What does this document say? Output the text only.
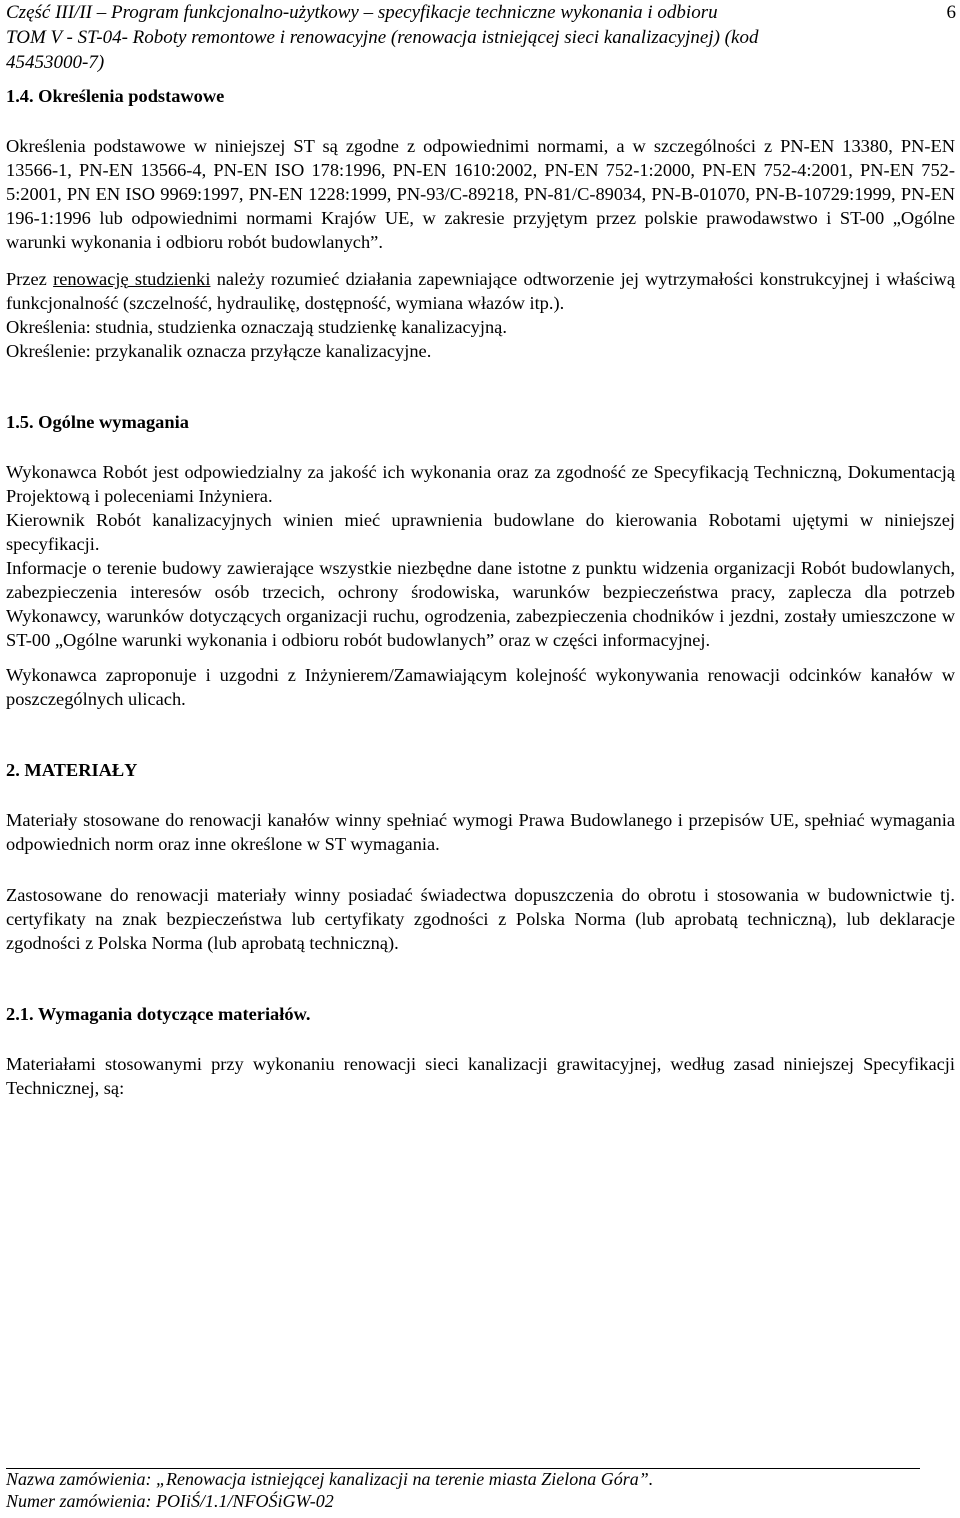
Część III/II – Program funkcjonalno-użytkowy – specyfikacje techniczne wykonania i odbioru	6
TOM V - ST-04- Roboty remontowe i renowacyjne (renowacja istniejącej sieci kanalizacyjnej) (kod
45453000-7)
1.4. Określenia podstawowe

Określenia podstawowe w niniejszej ST są zgodne z odpowiednimi normami, a w szczególności z PN-EN 13380, PN-EN 13566-1, PN-EN 13566-4, PN-EN ISO 178:1996, PN-EN 1610:2002, PN-EN 752-1:2000, PN-EN 752-4:2001, PN-EN 752-5:2001, PN EN ISO 9969:1997, PN-EN 1228:1999, PN-93/C-89218, PN-81/C-89034, PN-B-01070, PN-B-10729:1999, PN-EN 196-1:1996 lub odpowiednimi normami Krajów UE, w zakresie przyjętym przez polskie prawodawstwo i ST-00 „Ogólne warunki wykonania i odbioru robót budowlanych”.

Przez renowację studzienki należy rozumieć działania zapewniające odtworzenie jej wytrzymałości konstrukcyjnej i właściwą funkcjonalność (szczelność, hydraulikę, dostępność, wymiana włazów itp.).

Określenia: studnia, studzienka oznaczają studzienkę kanalizacyjną.

Określenie: przykanalik oznacza przyłącze kanalizacyjne.

1.5. Ogólne wymagania

Wykonawca Robót jest odpowiedzialny za jakość ich wykonania oraz za zgodność ze Specyfikacją Techniczną, Dokumentacją Projektową i poleceniami Inżyniera.

Kierownik Robót kanalizacyjnych winien mieć uprawnienia budowlane do kierowania Robotami ujętymi w niniejszej specyfikacji.

Informacje o terenie budowy zawierające wszystkie niezbędne dane istotne z punktu widzenia organizacji Robót budowlanych, zabezpieczenia interesów osób trzecich, ochrony środowiska, warunków bezpieczeństwa pracy, zaplecza dla potrzeb Wykonawcy, warunków dotyczących organizacji ruchu, ogrodzenia, zabezpieczenia chodników i jezdni, zostały umieszczone w ST-00 „Ogólne warunki wykonania i odbioru robót budowlanych” oraz w części informacyjnej.

Wykonawca zaproponuje i uzgodni z Inżynierem/Zamawiającym kolejność wykonywania renowacji odcinków kanałów w poszczególnych ulicach.

2. MATERIAŁY

Materiały stosowane do renowacji kanałów winny spełniać wymogi Prawa Budowlanego i przepisów UE, spełniać wymagania odpowiednich norm oraz inne określone w ST wymagania.

Zastosowane do renowacji materiały winny posiadać świadectwa dopuszczenia do obrotu i stosowania w budownictwie tj. certyfikaty na znak bezpieczeństwa lub certyfikaty zgodności z Polska Norma (lub aprobatą techniczną), lub deklaracje zgodności z Polska Norma (lub aprobatą techniczną).

2.1. Wymagania dotyczące materiałów.

Materiałami stosowanymi przy wykonaniu renowacji sieci kanalizacji grawitacyjnej, według zasad niniejszej Specyfikacji Technicznej, są:

Nazwa zamówienia: „Renowacja istniejącej kanalizacji na terenie miasta Zielona Góra”.
Numer zamówienia: POIiŚ/1.1/NFOŚiGW-02
